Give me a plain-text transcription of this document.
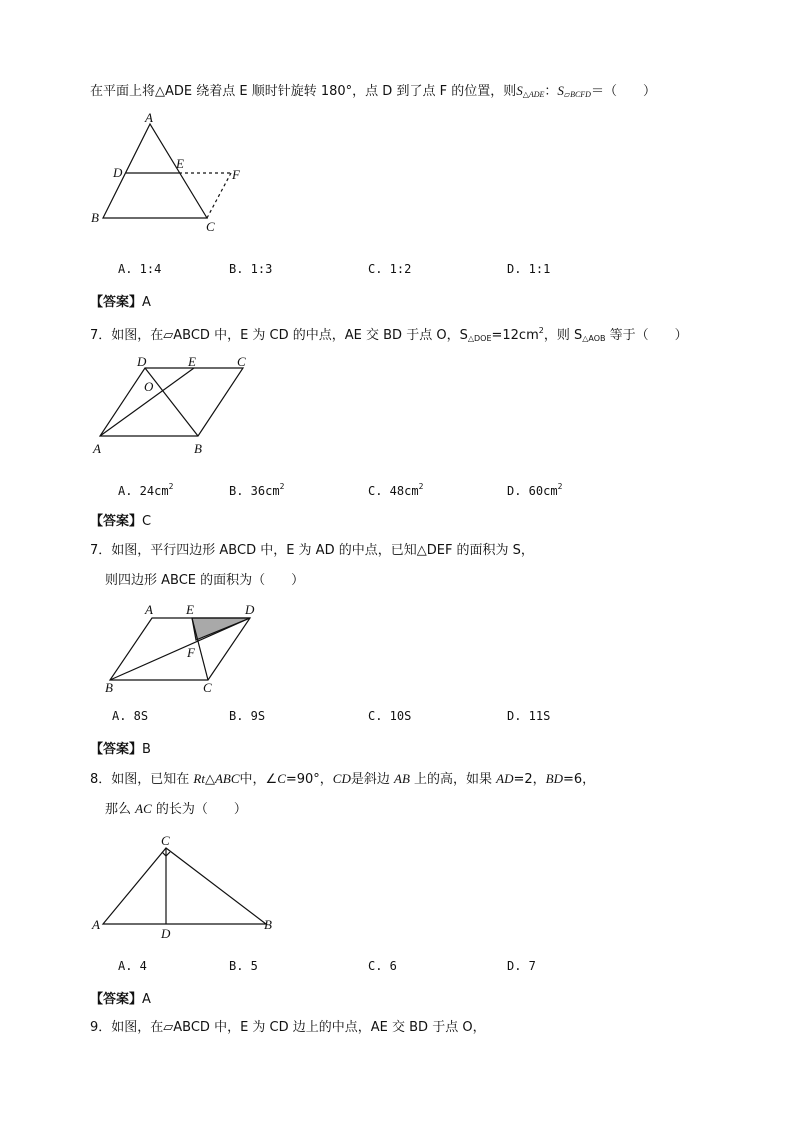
在平面上将△ADE 绕着点 E 顺时针旋转 180°，点 D 到了点 F 的位置，则$S_{\triangle ADE}$：$S_{▱BCFD}=$（　　）
A
D
E
F
B
C
A. 1:4	B. 1:3	C. 1:2	D. 1:1
【答案】A
7．如图，在▱ABCD 中，E 为 CD 的中点，AE 交 BD 于点 O，$S_{\triangle DOE}=12cm^2$，则 $S_{\triangle AOB}$ 等于（　　）
D	E	C
O
A	B
A. $24cm^2$	B. $36cm^2$	C. $48cm^2$	D. $60cm^2$
【答案】C
7．如图，平行四边形 ABCD 中，E 为 AD 的中点，已知△DEF 的面积为 S，
则四边形 ABCE 的面积为（　　）
A	E	D
F
B	C
A. 8S	B. 9S	C. 10S	D. 11S
【答案】B
8．如图，已知在 Rt△ABC中，∠C=90°，CD是斜边 AB 上的高，如果 AD=2，BD=6，
那么 AC 的长为（　　）
C
A
D
B
A. 4	B. 5	C. 6	D. 7
【答案】A
9．如图，在▱ABCD 中，E 为 CD 边上的中点，AE 交 BD 于点 O，
